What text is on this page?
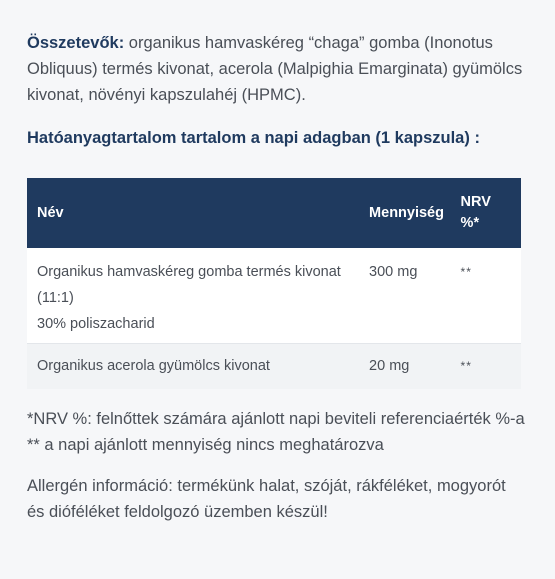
Összetevők: organikus hamvaskéreg “chaga” gomba (Inonotus Obliquus) termés kivonat, acerola (Malpighia Emarginata) gyümölcs kivonat, növényi kapszulahéj (HPMC).

Hatóanyagtartalom tartalom a napi adagban (1 kapszula) :
Név	Mennyiség	NRV %*

Organikus hamvaskéreg gomba termés kivonat (11:1)
30% poliszacharid	300 mg	**
Organikus acerola gyümölcs kivonat	20 mg	**

*NRV %: felnőttek számára ajánlott napi beviteli referenciaérték %-a

** a napi ajánlott mennyiség nincs meghatározva

Allergén információ: termékünk halat, szóját, rákféléket, mogyorót és dióféléket feldolgozó üzemben készül!
